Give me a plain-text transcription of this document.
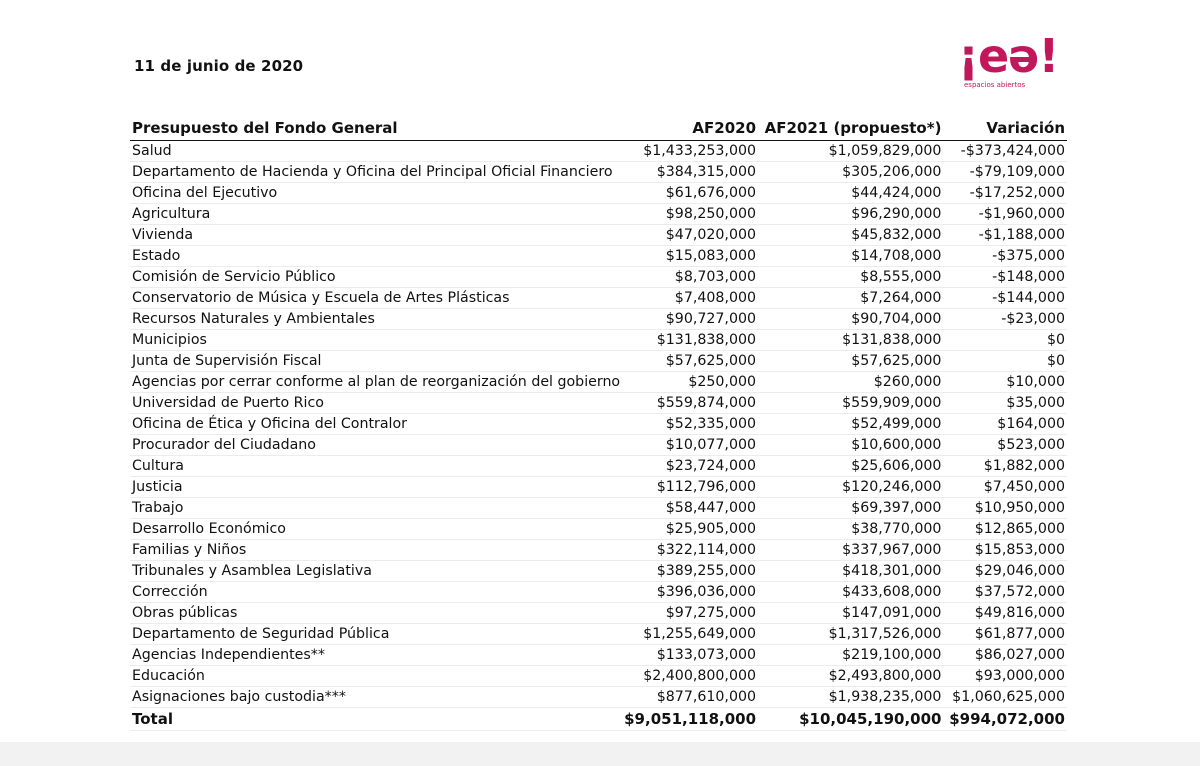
11 de junio de 2020	¡eə!
espacios abiertos
Presupuesto del Fondo General	AF2020	AF2021 (propuesto*)	Variación
Salud	$1,433,253,000	$1,059,829,000	-$373,424,000
Departamento de Hacienda y Oficina del Principal Oficial Financiero	$384,315,000	$305,206,000	-$79,109,000
Oficina del Ejecutivo	$61,676,000	$44,424,000	-$17,252,000
Agricultura	$98,250,000	$96,290,000	-$1,960,000
Vivienda	$47,020,000	$45,832,000	-$1,188,000
Estado	$15,083,000	$14,708,000	-$375,000
Comisión de Servicio Público	$8,703,000	$8,555,000	-$148,000
Conservatorio de Música y Escuela de Artes Plásticas	$7,408,000	$7,264,000	-$144,000
Recursos Naturales y Ambientales	$90,727,000	$90,704,000	-$23,000
Municipios	$131,838,000	$131,838,000	$0
Junta de Supervisión Fiscal	$57,625,000	$57,625,000	$0
Agencias por cerrar conforme al plan de reorganización del gobierno	$250,000	$260,000	$10,000
Universidad de Puerto Rico	$559,874,000	$559,909,000	$35,000
Oficina de Ética y Oficina del Contralor	$52,335,000	$52,499,000	$164,000
Procurador del Ciudadano	$10,077,000	$10,600,000	$523,000
Cultura	$23,724,000	$25,606,000	$1,882,000
Justicia	$112,796,000	$120,246,000	$7,450,000
Trabajo	$58,447,000	$69,397,000	$10,950,000
Desarrollo Económico	$25,905,000	$38,770,000	$12,865,000
Familias y Niños	$322,114,000	$337,967,000	$15,853,000
Tribunales y Asamblea Legislativa	$389,255,000	$418,301,000	$29,046,000
Corrección	$396,036,000	$433,608,000	$37,572,000
Obras públicas	$97,275,000	$147,091,000	$49,816,000
Departamento de Seguridad Pública	$1,255,649,000	$1,317,526,000	$61,877,000
Agencias Independientes**	$133,073,000	$219,100,000	$86,027,000
Educación	$2,400,800,000	$2,493,800,000	$93,000,000
Asignaciones bajo custodia***	$877,610,000	$1,938,235,000	$1,060,625,000
Total	$9,051,118,000	$10,045,190,000	$994,072,000
